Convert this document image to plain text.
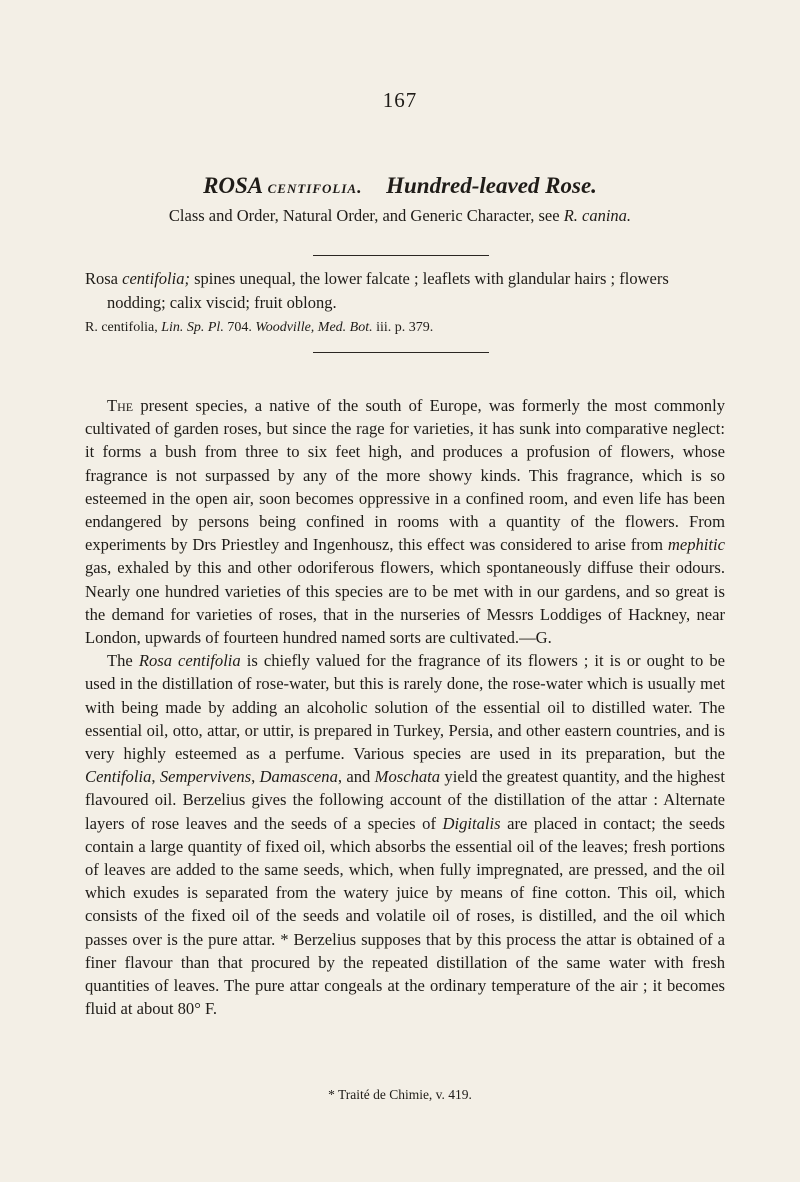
167
ROSA centifolia. Hundred-leaved Rose.
Class and Order, Natural Order, and Generic Character, see R. canina.
Rosa centifolia; spines unequal, the lower falcate ; leaflets with glandular hairs ; flowers
nodding; calix viscid; fruit oblong.
R. centifolia, Lin. Sp. Pl. 704. Woodville, Med. Bot. iii. p. 379.

The present species, a native of the south of Europe, was formerly the most commonly cultivated of garden roses, but since the rage for varieties, it has sunk into comparative neglect: it forms a bush from three to six feet high, and produces a profusion of flowers, whose fragrance is not surpassed by any of the more showy kinds. This fragrance, which is so esteemed in the open air, soon becomes oppressive in a confined room, and even life has been endangered by persons being confined in rooms with a quantity of the flowers. From experiments by Drs Priestley and Ingenhousz, this effect was considered to arise from mephitic gas, exhaled by this and other odoriferous flowers, which spontaneously diffuse their odours. Nearly one hundred varieties of this species are to be met with in our gardens, and so great is the demand for varieties of roses, that in the nurseries of Messrs Loddiges of Hackney, near London, upwards of fourteen hundred named sorts are cultivated.—G.

The Rosa centifolia is chiefly valued for the fragrance of its flowers ; it is or ought to be used in the distillation of rose-water, but this is rarely done, the rose-water which is usually met with being made by adding an alcoholic solution of the essential oil to distilled water. The essential oil, otto, attar, or uttir, is prepared in Turkey, Persia, and other eastern countries, and is very highly esteemed as a perfume. Various species are used in its preparation, but the Centifolia, Sempervivens, Damascena, and Moschata yield the greatest quantity, and the highest flavoured oil. Berzelius gives the following account of the distillation of the attar : Alternate layers of rose leaves and the seeds of a species of Digitalis are placed in contact; the seeds contain a large quantity of fixed oil, which absorbs the essential oil of the leaves; fresh portions of leaves are added to the same seeds, which, when fully impregnated, are pressed, and the oil which exudes is separated from the watery juice by means of fine cotton. This oil, which consists of the fixed oil of the seeds and volatile oil of roses, is distilled, and the oil which passes over is the pure attar. * Berzelius supposes that by this process the attar is obtained of a finer flavour than that procured by the repeated distillation of the same water with fresh quantities of leaves. The pure attar congeals at the ordinary temperature of the air ; it becomes fluid at about 80° F.

* Traité de Chimie, v. 419.
